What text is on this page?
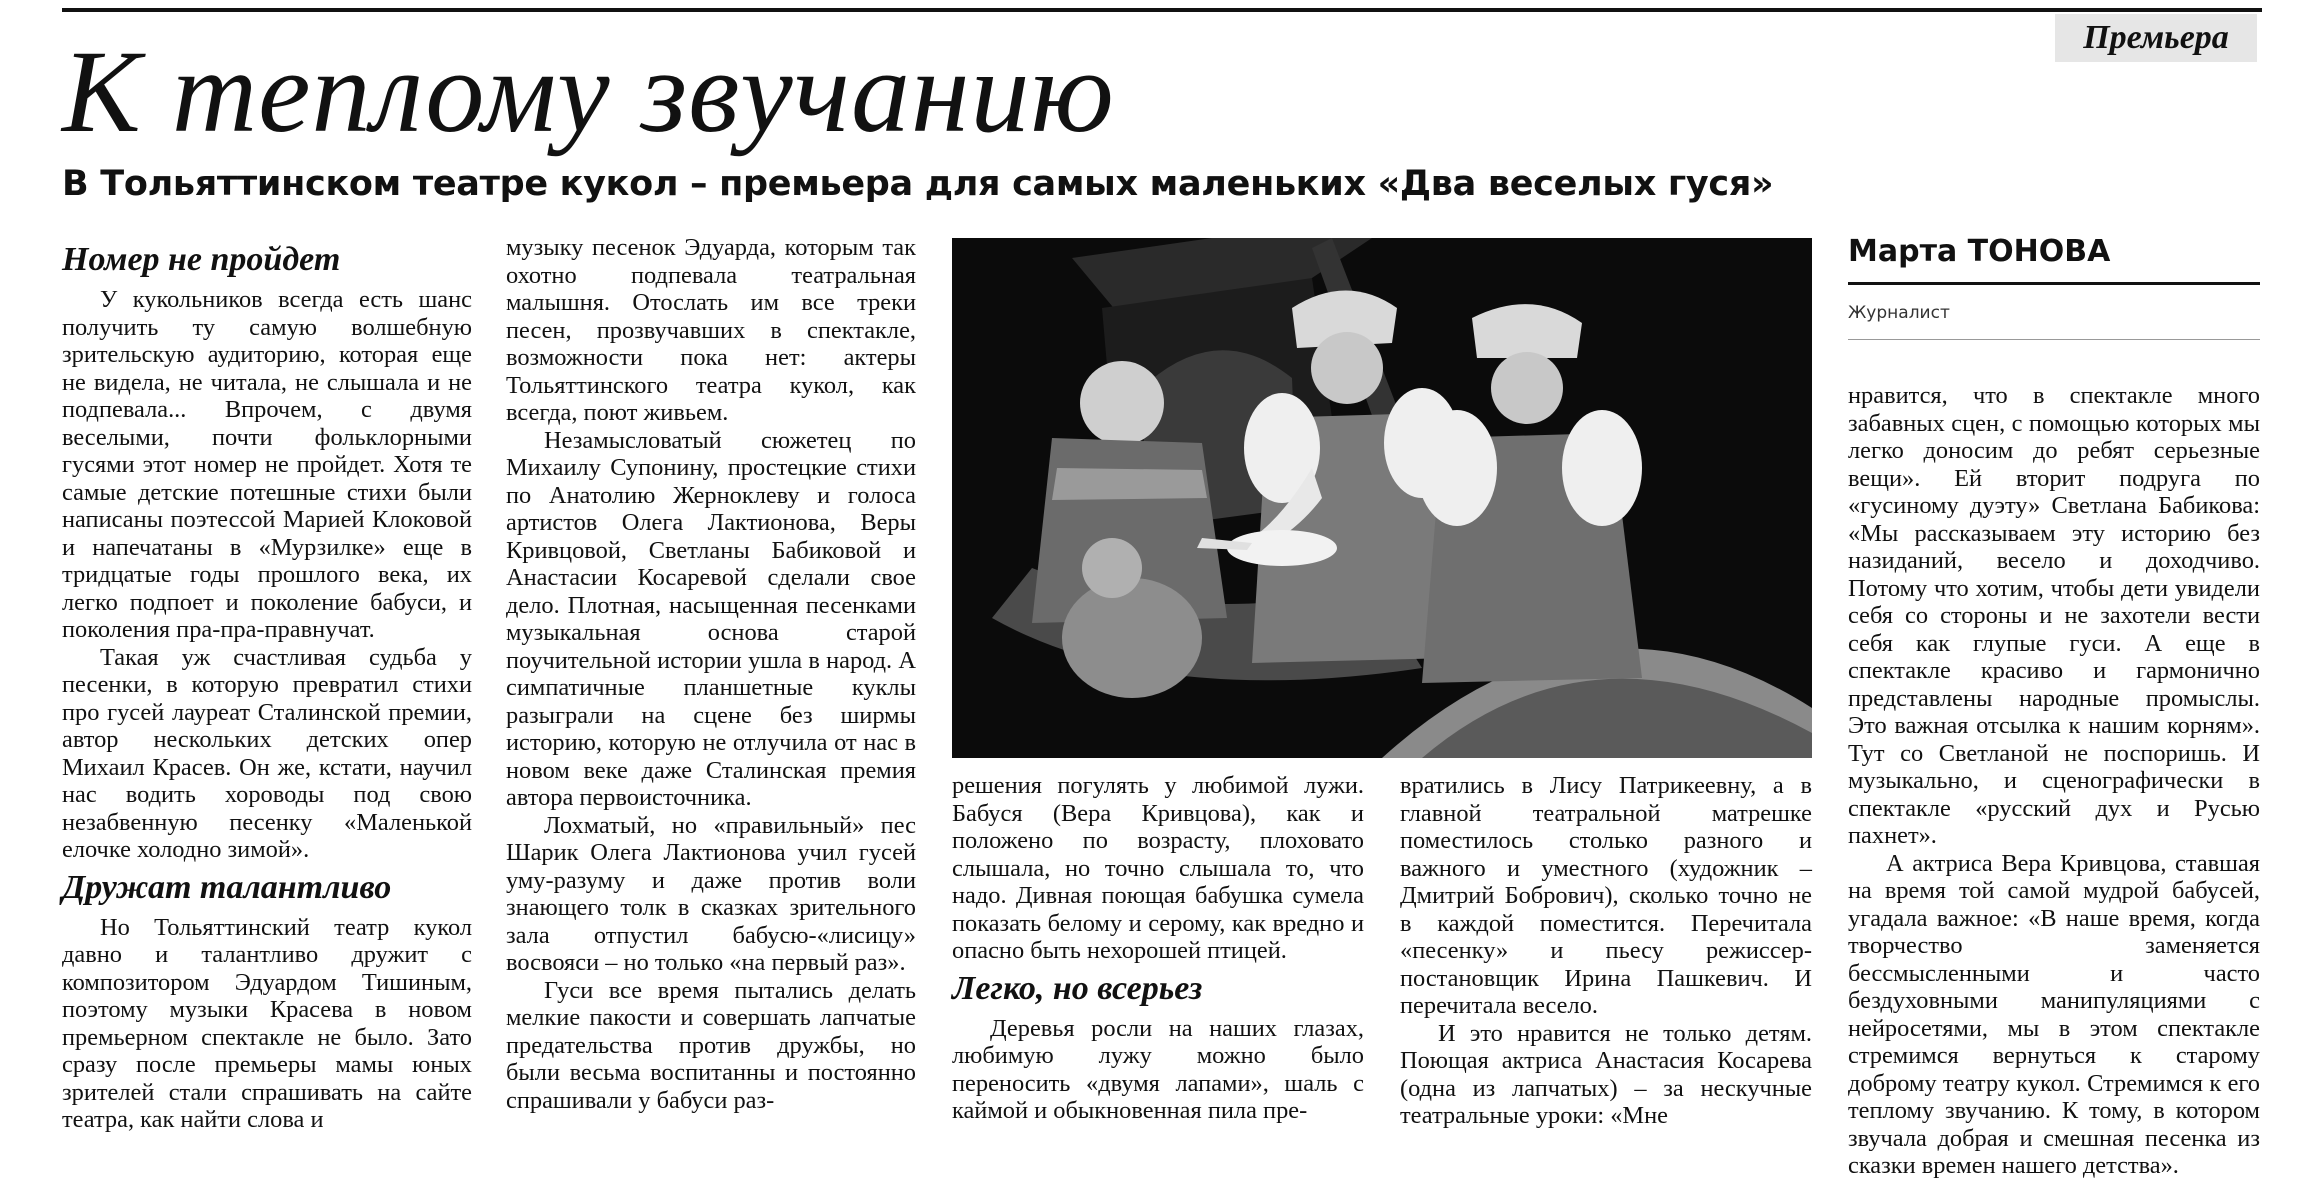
Премьера
К теплому звучанию
В Тольяттинском театре кукол – премьера для самых маленьких «Два веселых гуся»
Номер не пройдет

У кукольников всегда есть шанс получить ту самую волшебную зрительскую аудиторию, которая еще не видела, не читала, не слышала и не подпевала... Впрочем, с двумя веселыми, почти фольклорными гусями этот номер не пройдет. Хотя те самые детские потешные стихи были написаны поэтессой Марией Клоковой и напечатаны в «Мурзилке» еще в тридцатые годы прошлого века, их легко подпоет и поколение бабуси, и поколения пра-пра-правнучат.

Такая уж счастливая судьба у песенки, в которую превратил стихи про гусей лауреат Сталинской премии, автор нескольких детских опер Михаил Красев. Он же, кстати, научил нас водить хороводы под свою незабвенную песенку «Маленькой елочке холодно зимой».

Дружат талантливо

Но Тольяттинский театр кукол давно и талантливо дружит с композитором Эдуардом Тишиным, поэтому музыки Красева в новом премьерном спектакле не было. Зато сразу после премьеры мамы юных зрителей стали спрашивать на сайте театра, как найти слова и

музыку песенок Эдуарда, которым так охотно подпевала театральная малышня. Отослать им все треки песен, прозвучавших в спектакле, возможности пока нет: актеры Тольяттинского театра кукол, как всегда, поют живьем.

Незамысловатый сюжетец по Михаилу Супонину, простецкие стихи по Анатолию Жерноклеву и голоса артистов Олега Лактионова, Веры Кривцовой, Светланы Бабиковой и Анастасии Косаревой сделали свое дело. Плотная, насыщенная песенками музыкальная основа старой поучительной истории ушла в народ. А симпатичные планшетные куклы разыграли на сцене без ширмы историю, которую не отлучила от нас в новом веке даже Сталинская премия автора первоисточника.

Лохматый, но «правильный» пес Шарик Олега Лактионова учил гусей уму-разуму и даже против воли знающего толк в сказках зрительного зала отпустил бабусю-«лисицу» восвояси – но только «на первый раз».

Гуси все время пытались делать мелкие пакости и совершать лапчатые предательства против дружбы, но были весьма воспитанны и постоянно спрашивали у бабуси раз-

решения погулять у любимой лужи. Бабуся (Вера Кривцова), как и положено по возрасту, плоховато слышала, но точно слышала то, что надо. Дивная поющая бабушка сумела показать белому и серому, как вредно и опасно быть нехорошей птицей.

Легко, но всерьез

Деревья росли на наших глазах, любимую лужу можно было переносить «двумя лапами», шаль с каймой и обыкновенная пила пре-

вратились в Лису Патрикеевну, а в главной театральной матрешке поместилось столько разного и важного и уместного (художник – Дмитрий Бобрович), сколько точно не в каждой поместится. Перечитала «песенку» и пьесу режиссер-постановщик Ирина Пашкевич. И перечитала весело.

И это нравится не только детям. Поющая актриса Анастасия Косарева (одна из лапчатых) – за нескучные театральные уроки: «Мне

Марта ТОНОВА
Журналист

нравится, что в спектакле много забавных сцен, с помощью которых мы легко доносим до ребят серьезные вещи». Ей вторит подруга по «гусиному дуэту» Светлана Бабикова: «Мы рассказываем эту историю без назиданий, весело и доходчиво. Потому что хотим, чтобы дети увидели себя со стороны и не захотели вести себя как глупые гуси. А еще в спектакле красиво и гармонично представлены народные промыслы. Это важная отсылка к нашим корням». Тут со Светланой не поспоришь. И музыкально, и сценографически в спектакле «русский дух и Русью пахнет».

А актриса Вера Кривцова, ставшая на время той самой мудрой бабусей, угадала важное: «В наше время, когда творчество заменяется бессмысленными и часто бездуховными манипуляциями с нейросетями, мы в этом спектакле стремимся вернуться к старому доброму театру кукол. Стремимся к его теплому звучанию. К тому, в котором звучала добрая и смешная песенка из сказки времен нашего детства».
